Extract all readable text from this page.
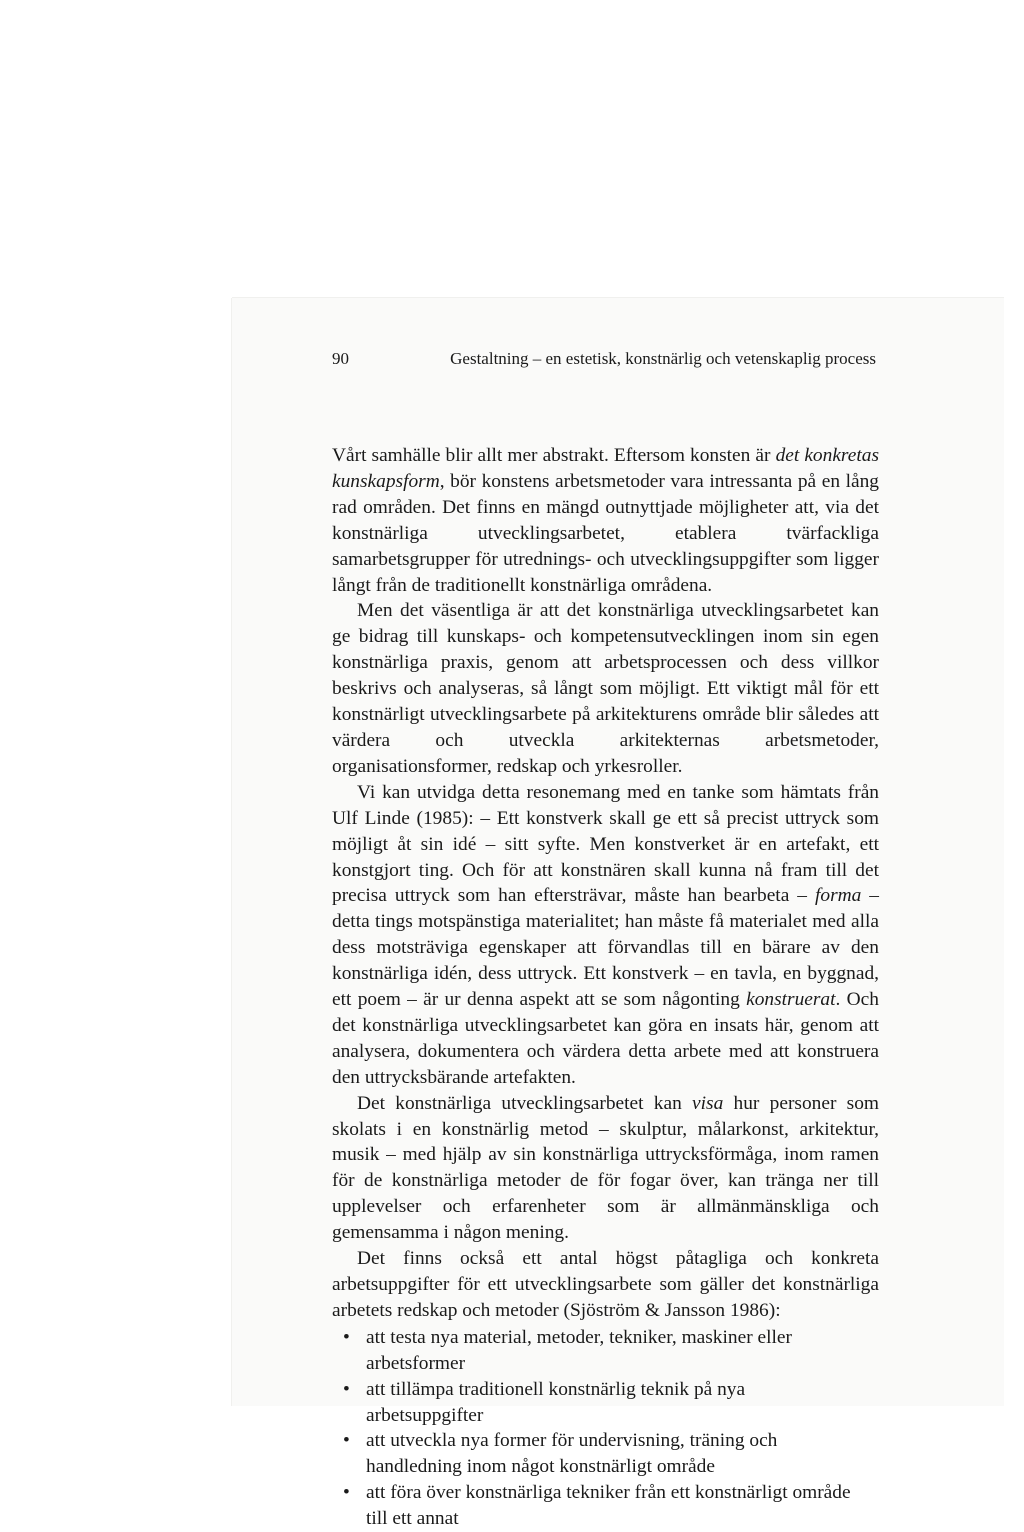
90	Gestaltning – en estetisk, konstnärlig och vetenskaplig process

Vårt samhälle blir allt mer abstrakt. Eftersom konsten är det konkretas kunskapsform, bör konstens arbetsmetoder vara intressanta på en lång rad områden. Det finns en mängd outnyttjade möjligheter att, via det konstnärliga utvecklingsarbetet, etablera tvärfackliga samarbetsgrupper för utrednings- och utvecklingsuppgifter som ligger långt från de traditionellt konstnärliga områdena.

Men det väsentliga är att det konstnärliga utvecklingsarbetet kan ge bidrag till kunskaps- och kompetensutvecklingen inom sin egen konstnärliga praxis, genom att arbetsprocessen och dess villkor beskrivs och analyseras, så långt som möjligt. Ett viktigt mål för ett konstnärligt utvecklingsarbete på arkitekturens område blir således att värdera och utveckla arkitekternas arbetsmetoder, organisationsformer, redskap och yrkesroller.

Vi kan utvidga detta resonemang med en tanke som hämtats från Ulf Linde (1985): – Ett konstverk skall ge ett så precist uttryck som möjligt åt sin idé – sitt syfte. Men konstverket är en artefakt, ett konstgjort ting. Och för att konstnären skall kunna nå fram till det precisa uttryck som han eftersträvar, måste han bearbeta – forma – detta tings motspänstiga materialitet; han måste få materialet med alla dess motsträviga egenskaper att förvandlas till en bärare av den konstnärliga idén, dess uttryck. Ett konstverk – en tavla, en byggnad, ett poem – är ur denna aspekt att se som någonting konstruerat. Och det konstnärliga utvecklingsarbetet kan göra en insats här, genom att analysera, dokumentera och värdera detta arbete med att konstruera den uttrycksbärande artefakten.

Det konstnärliga utvecklingsarbetet kan visa hur personer som skolats i en konstnärlig metod – skulptur, målarkonst, arkitektur, musik – med hjälp av sin konstnärliga uttrycksförmåga, inom ramen för de konstnärliga metoder de för fogar över, kan tränga ner till upplevelser och erfarenheter som är allmänmänskliga och gemensamma i någon mening.

Det finns också ett antal högst påtagliga och konkreta arbetsuppgifter för ett utvecklingsarbete som gäller det konstnärliga arbetets redskap och metoder (Sjöström & Jansson 1986):

• att testa nya material, metoder, tekniker, maskiner eller arbetsformer
• att tillämpa traditionell konstnärlig teknik på nya arbetsuppgifter
• att utveckla nya former för undervisning, träning och handledning inom något konstnärligt område
• att föra över konstnärliga tekniker från ett konstnärligt område till ett annat
